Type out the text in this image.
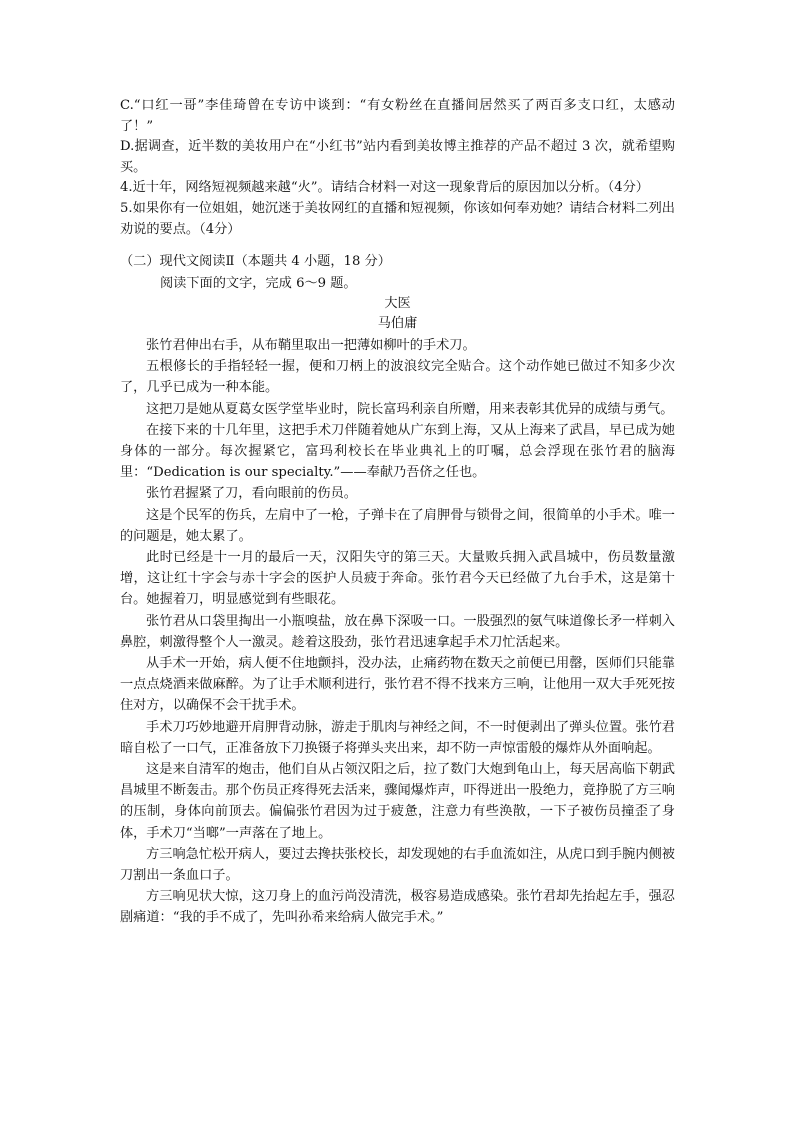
C.“口红一哥”李佳琦曾在专访中谈到：“有女粉丝在直播间居然买了两百多支口红，太感动了！”

D.据调查，近半数的美妆用户在“小红书”站内看到美妆博主推荐的产品不超过 3 次，就希望购买。

4.近十年，网络短视频越来越“火”。请结合材料一对这一现象背后的原因加以分析。（4分）

5.如果你有一位姐姐，她沉迷于美妆网红的直播和短视频，你该如何奉劝她？请结合材料二列出劝说的要点。（4分）

（二）现代文阅读Ⅱ（本题共 4 小题，18 分）

阅读下面的文字，完成 6～9 题。

大医

马伯庸

张竹君伸出右手，从布鞘里取出一把薄如柳叶的手术刀。

五根修长的手指轻轻一握，便和刀柄上的波浪纹完全贴合。这个动作她已做过不知多少次了，几乎已成为一种本能。

这把刀是她从夏葛女医学堂毕业时，院长富玛利亲自所赠，用来表彰其优异的成绩与勇气。

在接下来的十几年里，这把手术刀伴随着她从广东到上海，又从上海来了武昌，早已成为她身体的一部分。每次握紧它，富玛利校长在毕业典礼上的叮嘱，总会浮现在张竹君的脑海里：“Dedication is our specialty.”——奉献乃吾侪之任也。

张竹君握紧了刀，看向眼前的伤员。

这是个民军的伤兵，左肩中了一枪，子弹卡在了肩胛骨与锁骨之间，很简单的小手术。唯一的问题是，她太累了。

此时已经是十一月的最后一天，汉阳失守的第三天。大量败兵拥入武昌城中，伤员数量激增，这让红十字会与赤十字会的医护人员疲于奔命。张竹君今天已经做了九台手术，这是第十台。她握着刀，明显感觉到有些眼花。

张竹君从口袋里掏出一小瓶嗅盐，放在鼻下深吸一口。一股强烈的氨气味道像长矛一样刺入鼻腔，刺激得整个人一激灵。趁着这股劲，张竹君迅速拿起手术刀忙活起来。

从手术一开始，病人便不住地颤抖，没办法，止痛药物在数天之前便已用罄，医师们只能靠一点点烧酒来做麻醉。为了让手术顺利进行，张竹君不得不找来方三响，让他用一双大手死死按住对方，以确保不会干扰手术。

手术刀巧妙地避开肩胛背动脉，游走于肌肉与神经之间，不一时便剥出了弹头位置。张竹君暗自松了一口气，正准备放下刀换镊子将弹头夹出来，却不防一声惊雷般的爆炸从外面响起。

这是来自清军的炮击，他们自从占领汉阳之后，拉了数门大炮到龟山上，每天居高临下朝武昌城里不断轰击。那个伤员正疼得死去活来，骤闻爆炸声，吓得迸出一股绝力，竟挣脱了方三响的压制，身体向前顶去。偏偏张竹君因为过于疲惫，注意力有些涣散，一下子被伤员撞歪了身体，手术刀“当啷”一声落在了地上。

方三响急忙松开病人，要过去搀扶张校长，却发现她的右手血流如注，从虎口到手腕内侧被刀割出一条血口子。

方三响见状大惊，这刀身上的血污尚没清洗，极容易造成感染。张竹君却先抬起左手，强忍剧痛道：“我的手不成了，先叫孙希来给病人做完手术。”
